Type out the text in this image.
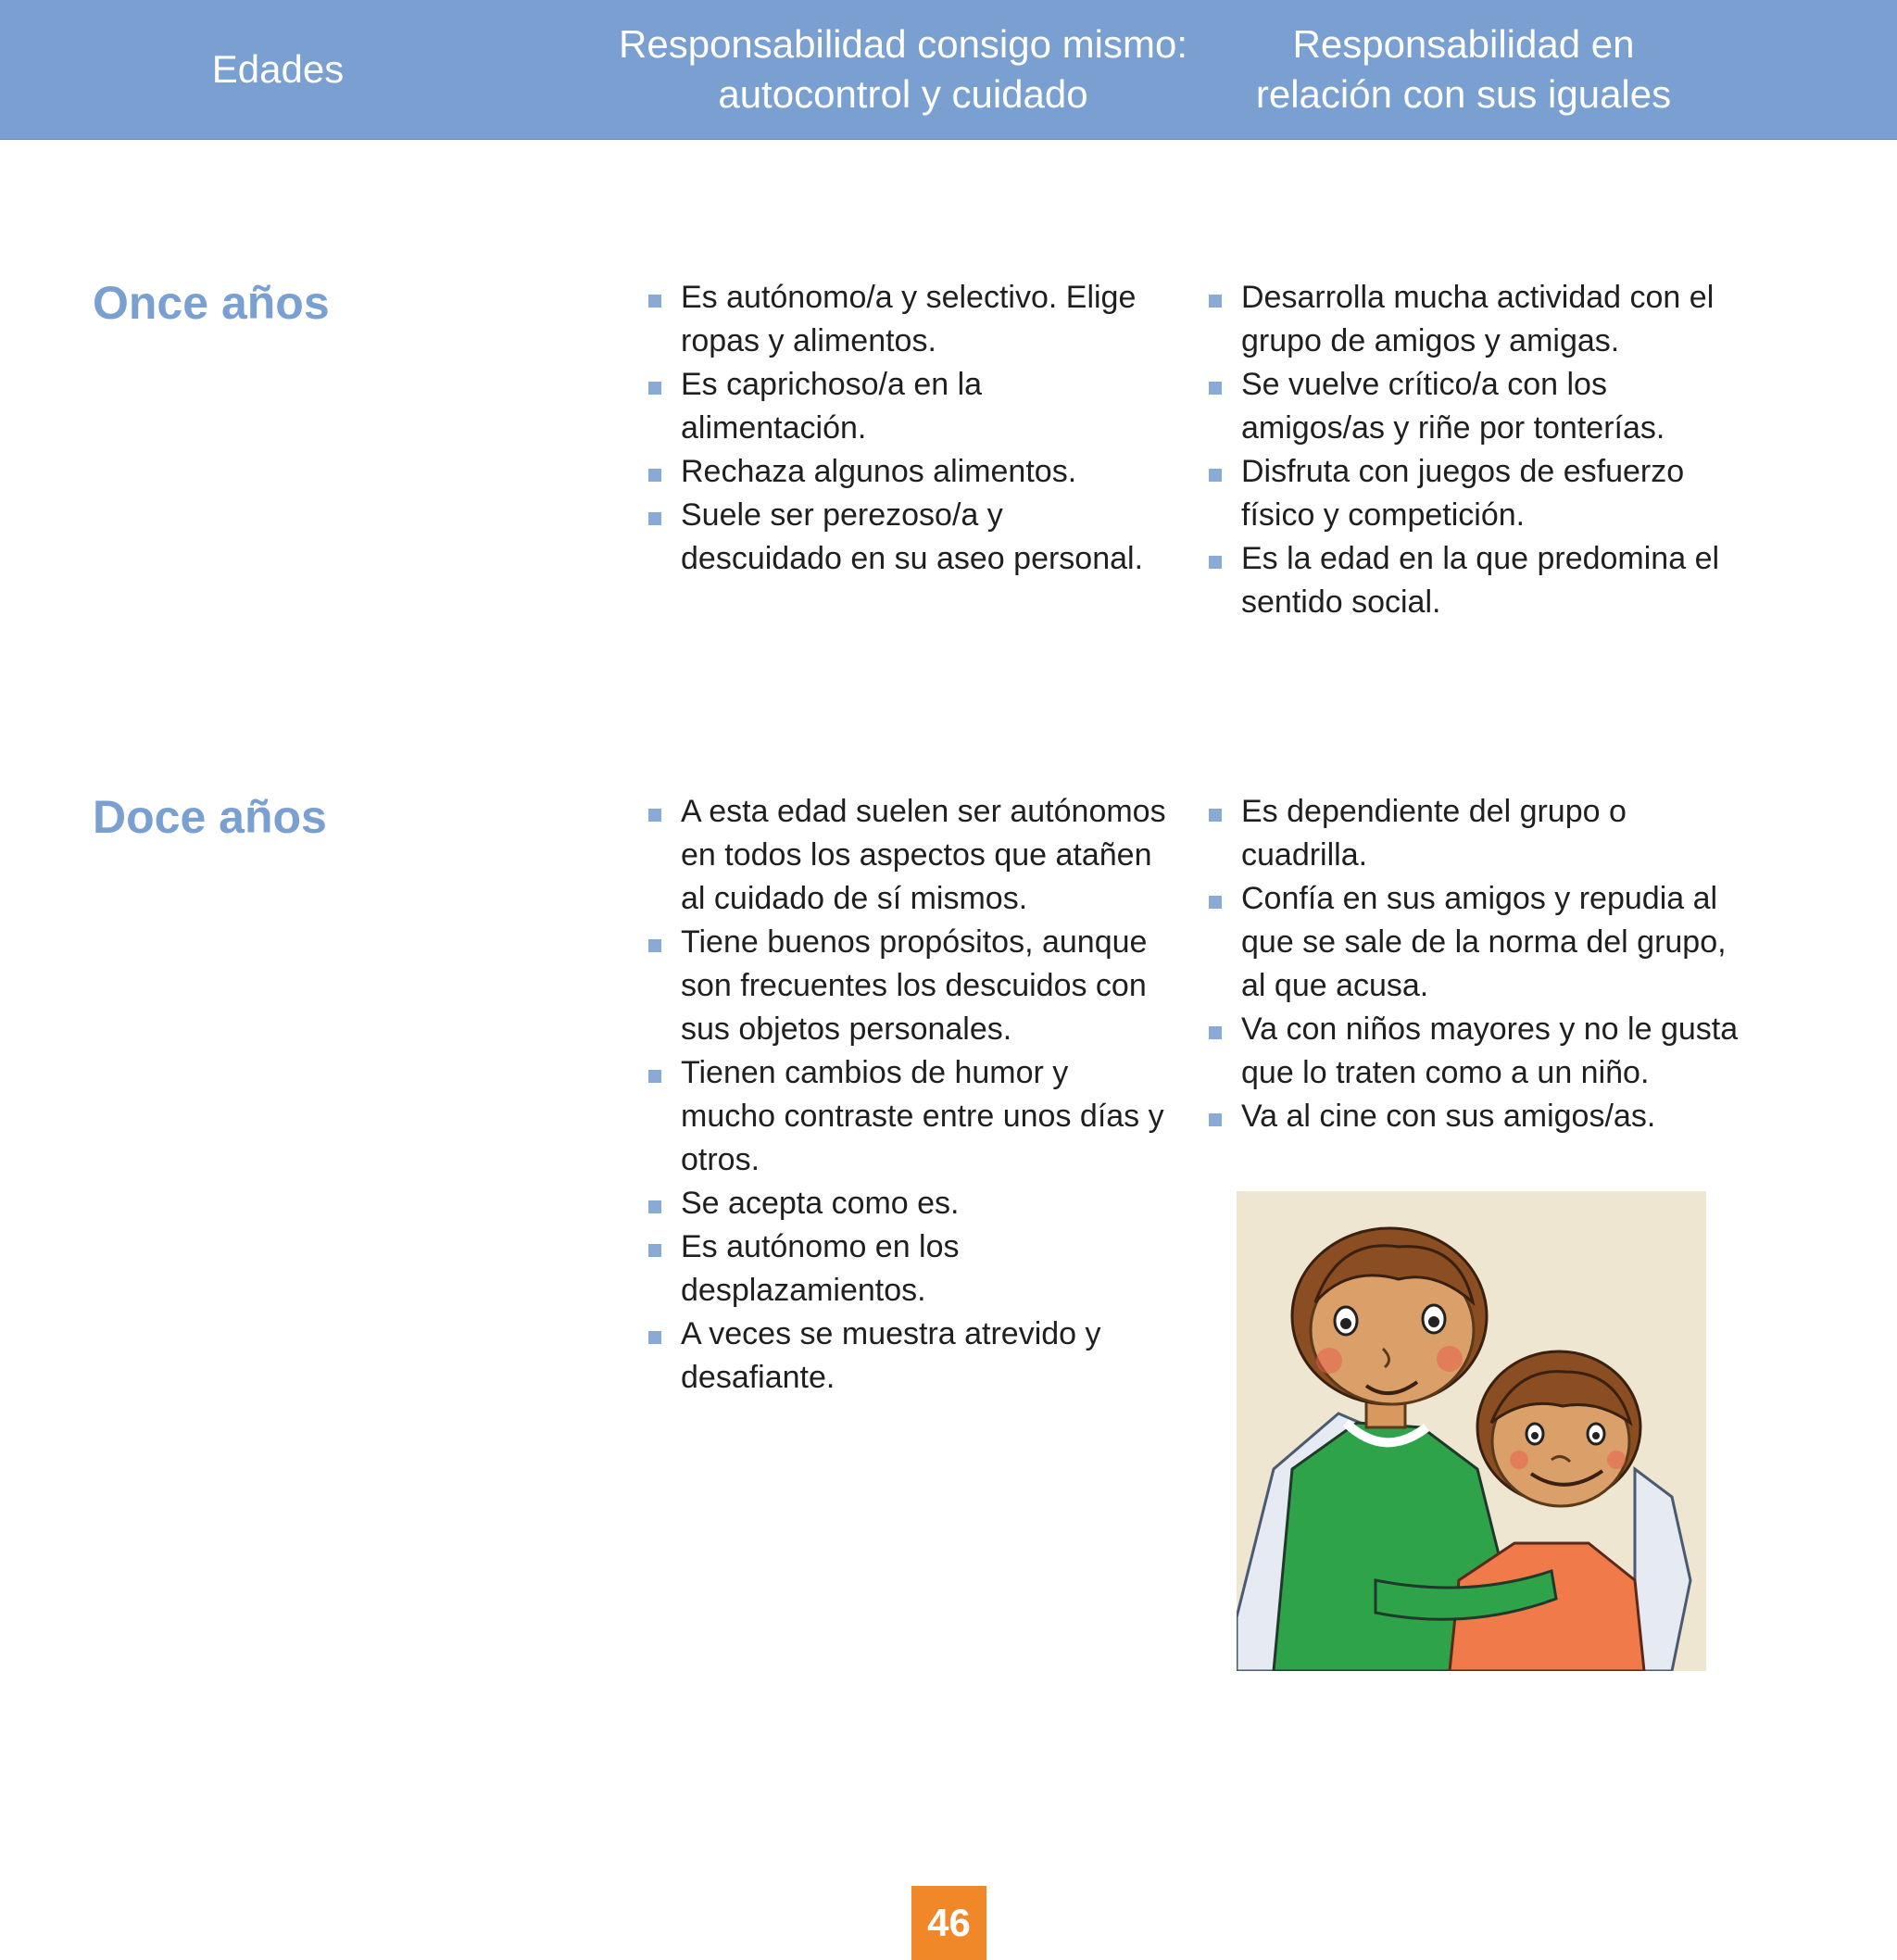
Edades
Responsabilidad consigo mismo:
autocontrol y cuidado
Responsabilidad en
relación con sus iguales
Once años	Es autónomo/a y selectivo. Elige ropas y alimentos.
Es caprichoso/a en la alimentación.
Rechaza algunos alimentos.
Suele ser perezoso/a y descuidado en su aseo personal.
Desarrolla mucha actividad con el grupo de amigos y amigas.
Se vuelve crítico/a con los amigos/as y riñe por tonterías.
Disfruta con juegos de esfuerzo físico y competición.
Es la edad en la que predomina el sentido social.
Doce años	A esta edad suelen ser autónomos en todos los aspectos que atañen al cuidado de sí mismos.
Tiene buenos propósitos, aunque son frecuentes los descuidos con sus objetos personales.
Tienen cambios de humor y mucho contraste entre unos días y otros.
Se acepta como es.
Es autónomo en los desplazamientos.
A veces se muestra atrevido y desafiante.
Es dependiente del grupo o cuadrilla.
Confía en sus amigos y repudia al que se sale de la norma del grupo, al que acusa.
Va con niños mayores y no le gusta que lo traten como a un niño.
Va al cine con sus amigos/as.
46
